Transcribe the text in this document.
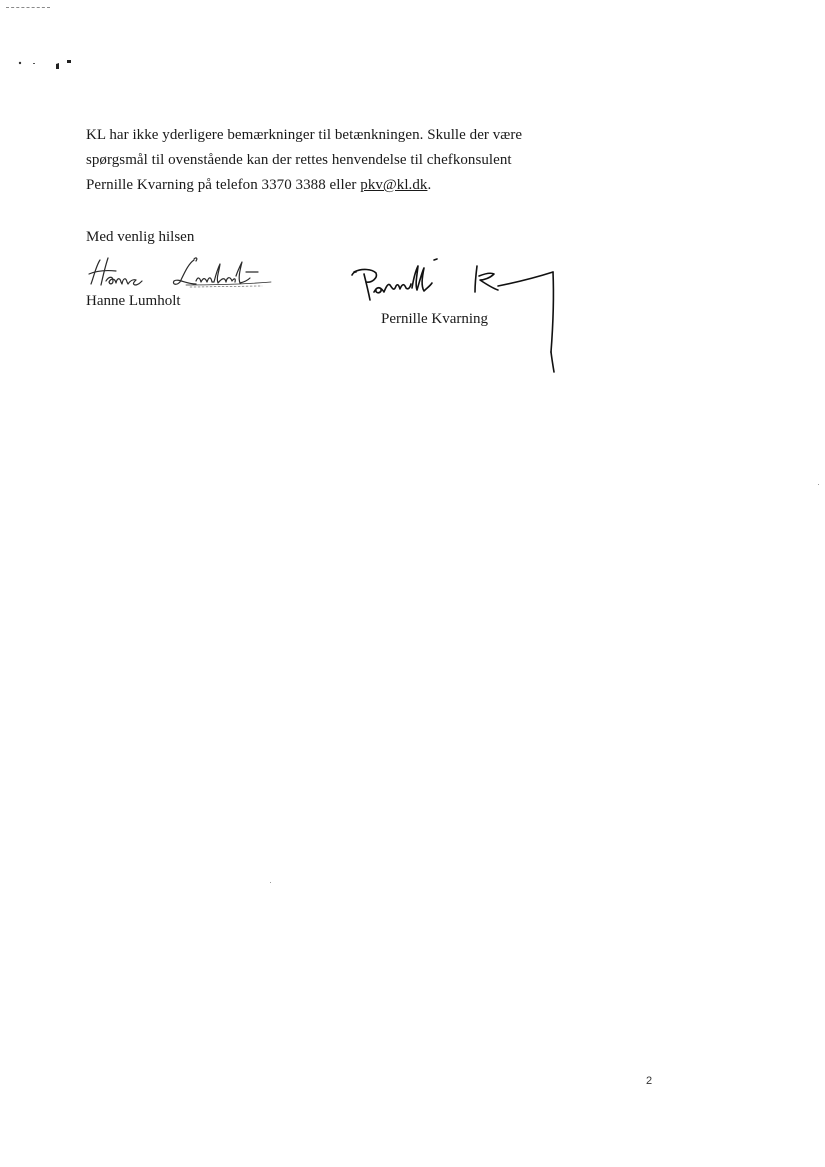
KL har ikke yderligere bemærkninger til betænkningen. Skulle der være
spørgsmål til ovenstående kan der rettes henvendelse til chefkonsulent
Pernille Kvarning på telefon 3370 3388 eller pkv@kl.dk.

Med venlig hilsen

Hanne Lumholt

Pernille Kvarning

2
